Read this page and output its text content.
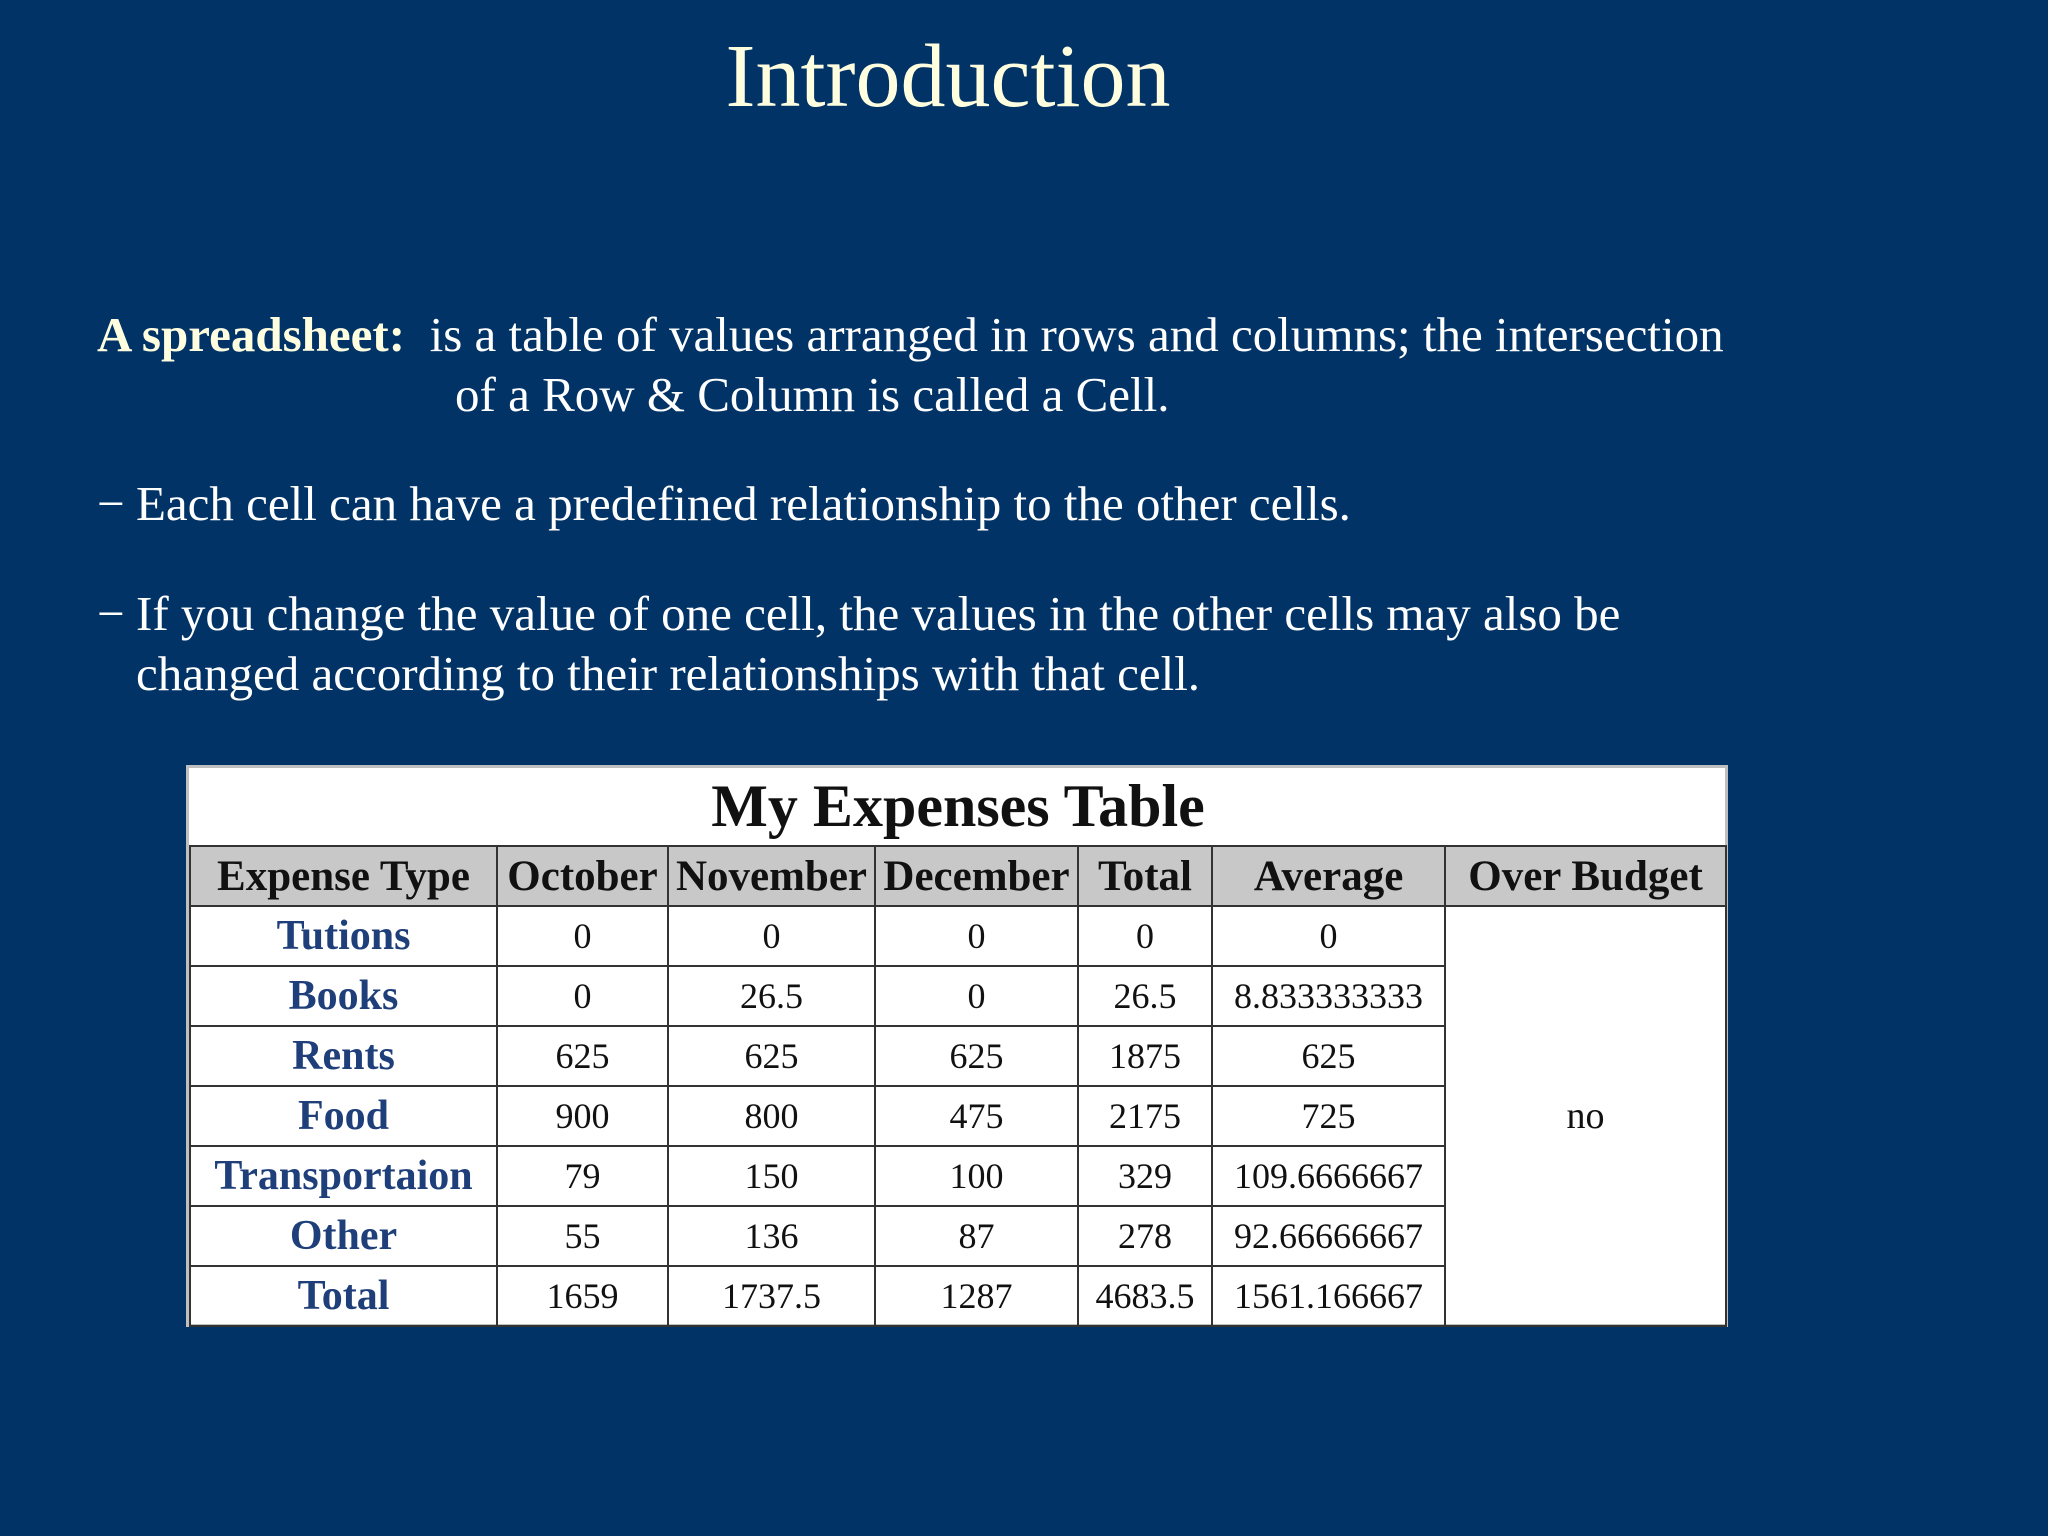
Introduction
A spreadsheet: is a table of values arranged in rows and columns; the intersection
of a Row & Column is called a Cell.
− Each cell can have a predefined relationship to the other cells.
− If you change the value of one cell, the values in the other cells may also be
changed according to their relationships with that cell.
My Expenses Table						
Expense Type	October	November	December	Total	Average	Over Budget
Tutions	0	0	0	0	0	no
Books	0	26.5	0	26.5	8.833333333	
Rents	625	625	625	1875	625	
Food	900	800	475	2175	725	
Transportaion	79	150	100	329	109.6666667	
Other	55	136	87	278	92.66666667	
Total	1659	1737.5	1287	4683.5	1561.166667	
